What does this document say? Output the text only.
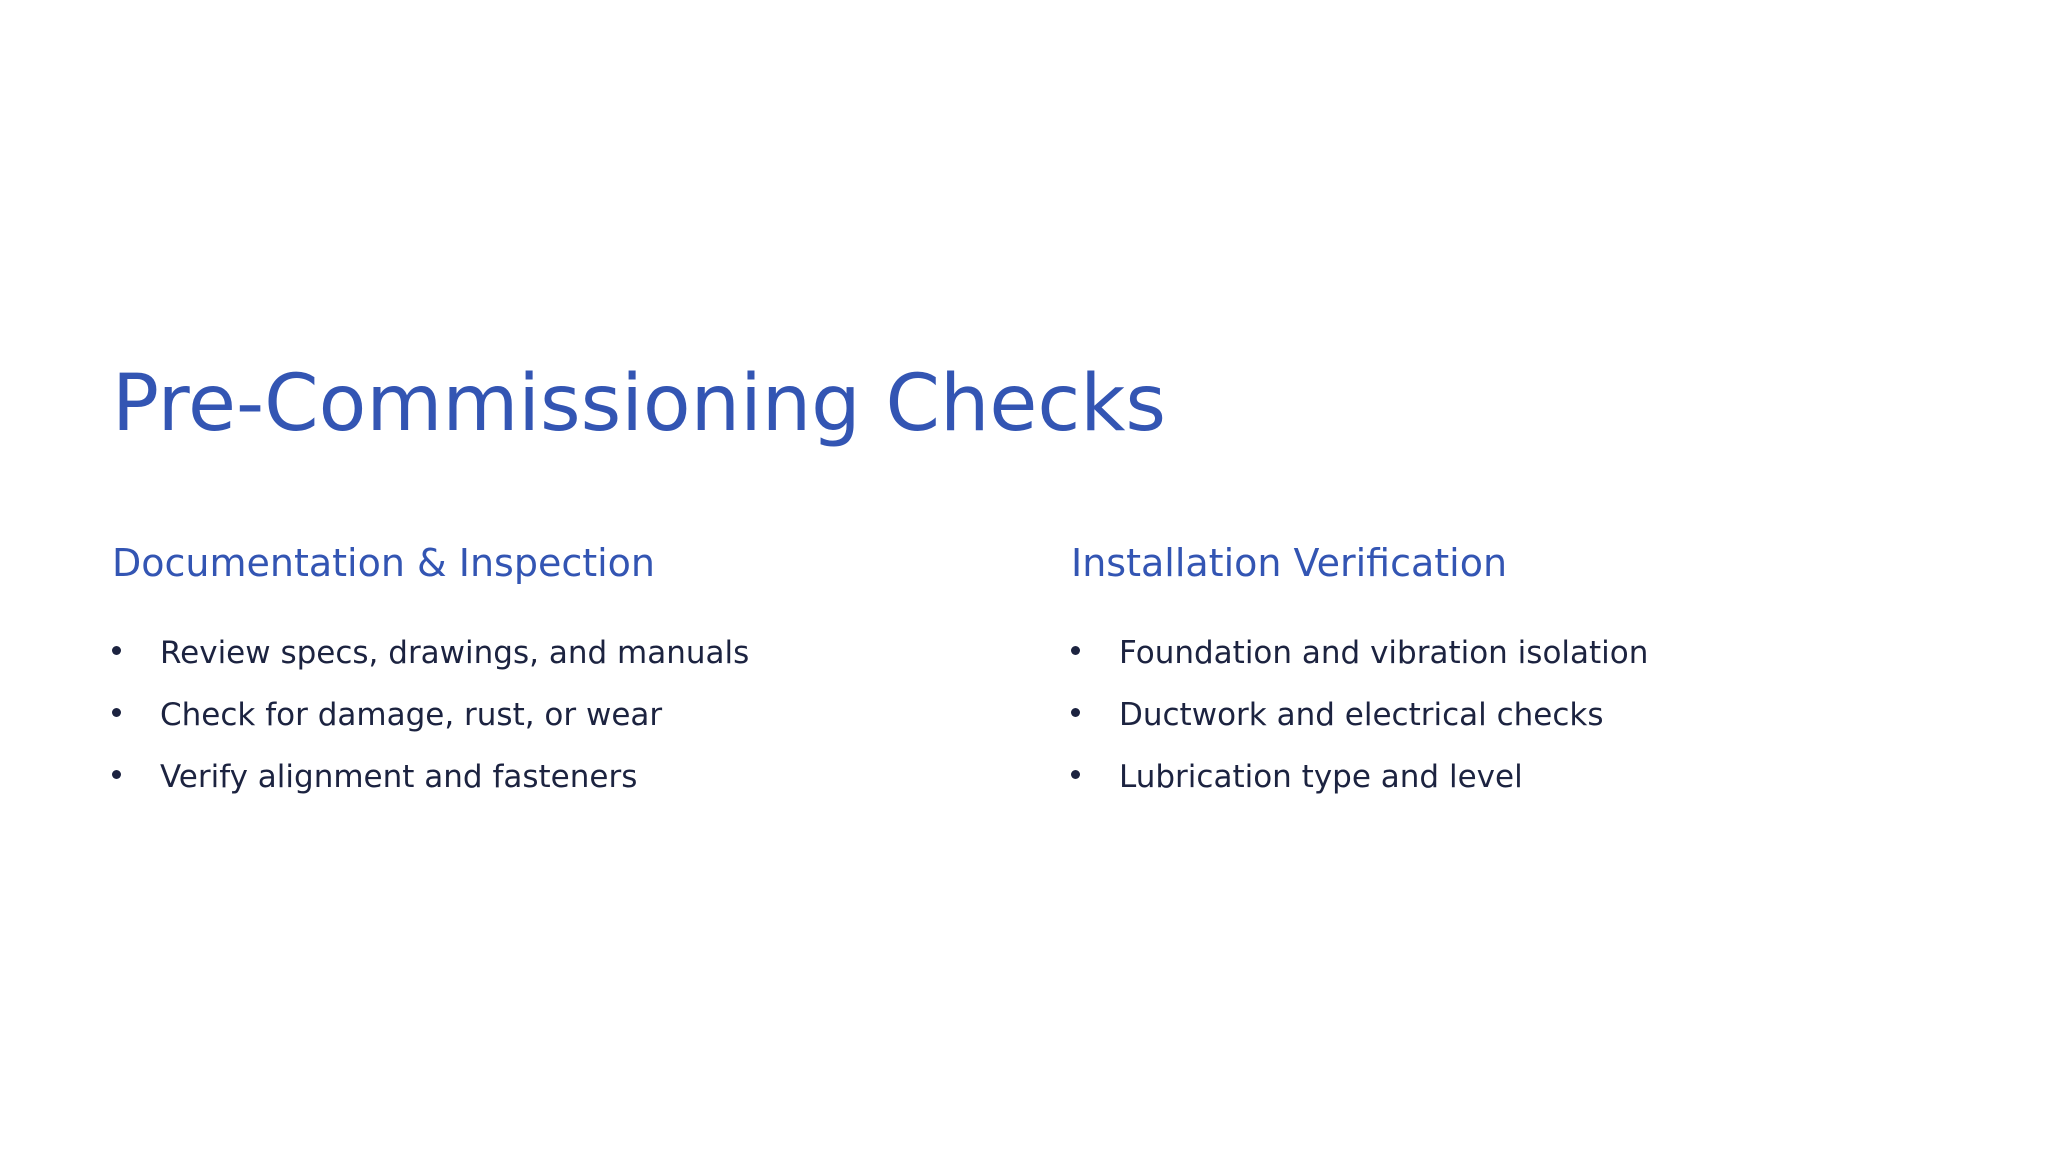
Pre-Commissioning Checks
Documentation & Inspection
Review specs, drawings, and manuals
Check for damage, rust, or wear
Verify alignment and fasteners
Installation Verification
Foundation and vibration isolation
Ductwork and electrical checks
Lubrication type and level
